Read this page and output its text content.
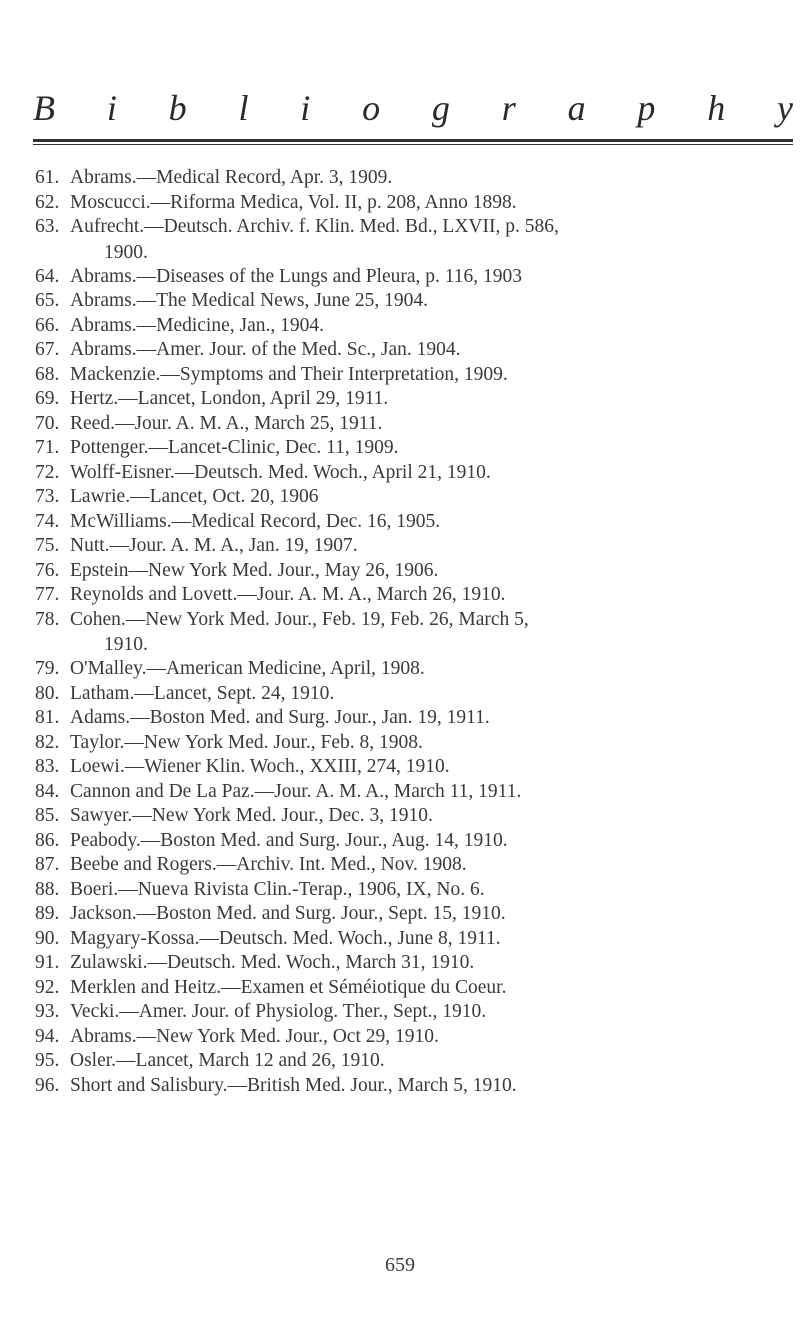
B i b l i o g r a p h y
61. Abrams.—Medical Record, Apr. 3, 1909.
62. Moscucci.—Riforma Medica, Vol. II, p. 208, Anno 1898.
63. Aufrecht.—Deutsch. Archiv. f. Klin. Med. Bd., LXVII, p. 586,
1900.
64. Abrams.—Diseases of the Lungs and Pleura, p. 116, 1903
65. Abrams.—The Medical News, June 25, 1904.
66. Abrams.—Medicine, Jan., 1904.
67. Abrams.—Amer. Jour. of the Med. Sc., Jan. 1904.
68. Mackenzie.—Symptoms and Their Interpretation, 1909.
69. Hertz.—Lancet, London, April 29, 1911.
70. Reed.—Jour. A. M. A., March 25, 1911.
71. Pottenger.—Lancet-Clinic, Dec. 11, 1909.
72. Wolff-Eisner.—Deutsch. Med. Woch., April 21, 1910.
73. Lawrie.—Lancet, Oct. 20, 1906
74. McWilliams.—Medical Record, Dec. 16, 1905.
75. Nutt.—Jour. A. M. A., Jan. 19, 1907.
76. Epstein—New York Med. Jour., May 26, 1906.
77. Reynolds and Lovett.—Jour. A. M. A., March 26, 1910.
78. Cohen.—New York Med. Jour., Feb. 19, Feb. 26, March 5,
1910.
79. O'Malley.—American Medicine, April, 1908.
80. Latham.—Lancet, Sept. 24, 1910.
81. Adams.—Boston Med. and Surg. Jour., Jan. 19, 1911.
82. Taylor.—New York Med. Jour., Feb. 8, 1908.
83. Loewi.—Wiener Klin. Woch., XXIII, 274, 1910.
84. Cannon and De La Paz.—Jour. A. M. A., March 11, 1911.
85. Sawyer.—New York Med. Jour., Dec. 3, 1910.
86. Peabody.—Boston Med. and Surg. Jour., Aug. 14, 1910.
87. Beebe and Rogers.—Archiv. Int. Med., Nov. 1908.
88. Boeri.—Nueva Rivista Clin.-Terap., 1906, IX, No. 6.
89. Jackson.—Boston Med. and Surg. Jour., Sept. 15, 1910.
90. Magyary-Kossa.—Deutsch. Med. Woch., June 8, 1911.
91. Zulawski.—Deutsch. Med. Woch., March 31, 1910.
92. Merklen and Heitz.—Examen et Séméiotique du Coeur.
93. Vecki.—Amer. Jour. of Physiolog. Ther., Sept., 1910.
94. Abrams.—New York Med. Jour., Oct 29, 1910.
95. Osler.—Lancet, March 12 and 26, 1910.
96. Short and Salisbury.—British Med. Jour., March 5, 1910.
659
